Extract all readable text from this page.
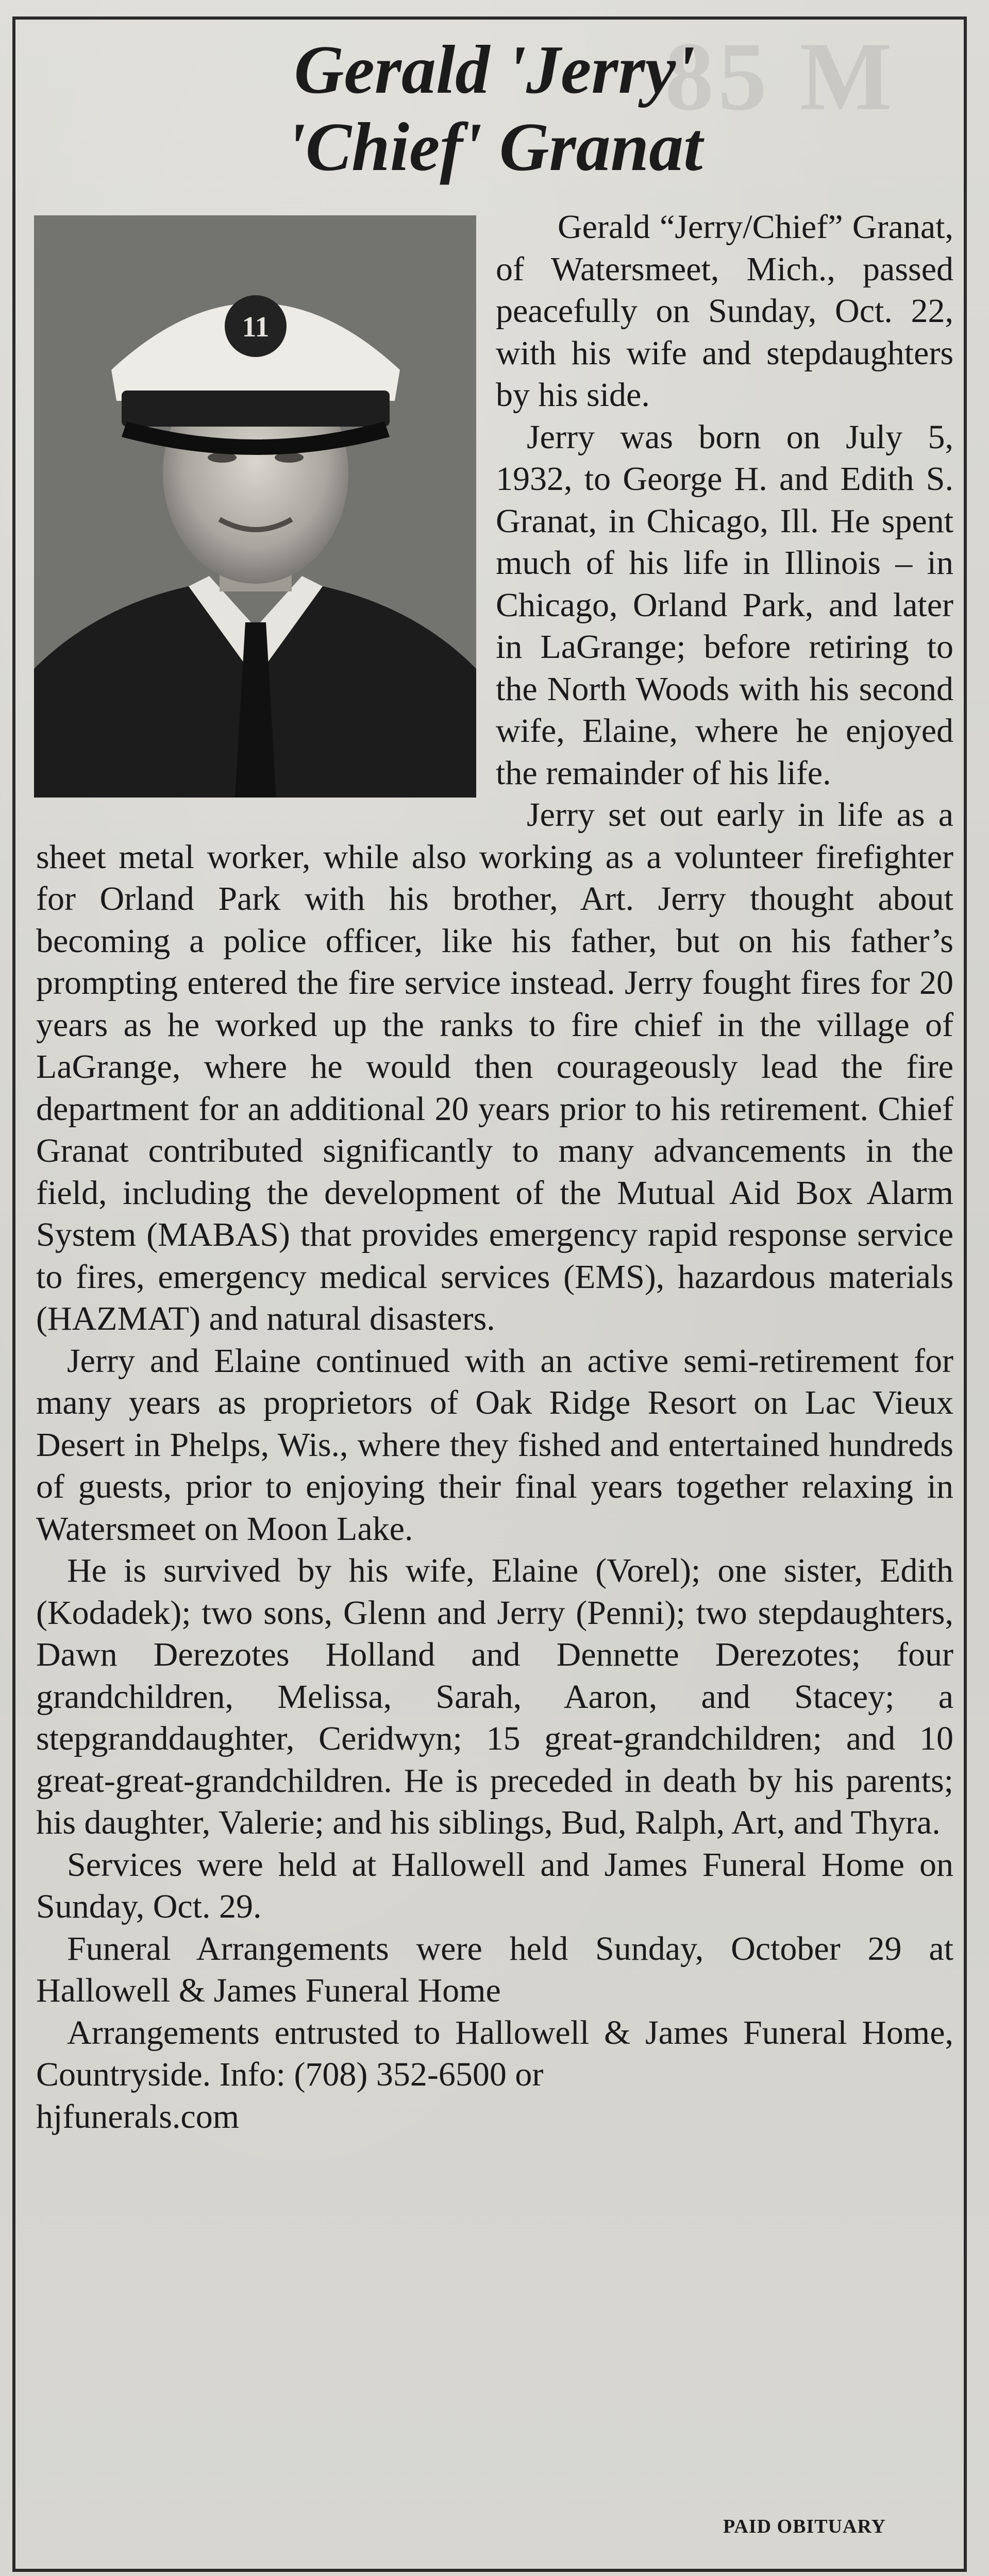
85 M
Gerald 'Jerry'
'Chief' Granat
11

Gerald “Jerry/Chief” Granat, of Watersmeet, Mich., passed peacefully on Sunday, Oct. 22, with his wife and stepdaughters by his side.

Jerry was born on July 5, 1932, to George H. and Edith S. Granat, in Chicago, Ill. He spent much of his life in Illinois – in Chicago, Orland Park, and later in LaGrange; before retiring to the North Woods with his second wife, Elaine, where he enjoyed the remainder of his life.

Jerry set out early in life as a sheet metal worker, while also working as a volunteer firefighter for Orland Park with his brother, Art. Jerry thought about becoming a police officer, like his father, but on his father’s prompting entered the fire service instead. Jerry fought fires for 20 years as he worked up the ranks to fire chief in the village of LaGrange, where he would then courageously lead the fire department for an additional 20 years prior to his retirement. Chief Granat contributed significantly to many advancements in the field, including the development of the Mutual Aid Box Alarm System (MABAS) that provides emergency rapid response service to fires, emergency medical services (EMS), hazardous materials (HAZMAT) and natural disasters.

Jerry and Elaine continued with an active semi-retirement for many years as proprietors of Oak Ridge Resort on Lac Vieux Desert in Phelps, Wis., where they fished and entertained hundreds of guests, prior to enjoying their final years together relaxing in Watersmeet on Moon Lake.

He is survived by his wife, Elaine (Vorel); one sister, Edith (Kodadek); two sons, Glenn and Jerry (Penni); two stepdaughters, Dawn Derezotes Holland and Dennette Derezotes; four grandchildren, Melissa, Sarah, Aaron, and Stacey; a stepgranddaughter, Ceridwyn; 15 great-grandchildren; and 10 great-great-grandchildren. He is preceded in death by his parents; his daughter, Valerie; and his siblings, Bud, Ralph, Art, and Thyra.

Services were held at Hallowell and James Funeral Home on Sunday, Oct. 29.

Funeral Arrangements were held Sunday, October 29 at Hallowell & James Funeral Home

Arrangements entrusted to Hallowell & James Funeral Home, Countryside. Info: (708) 352-6500 or
hjfunerals.com

PAID OBITUARY
